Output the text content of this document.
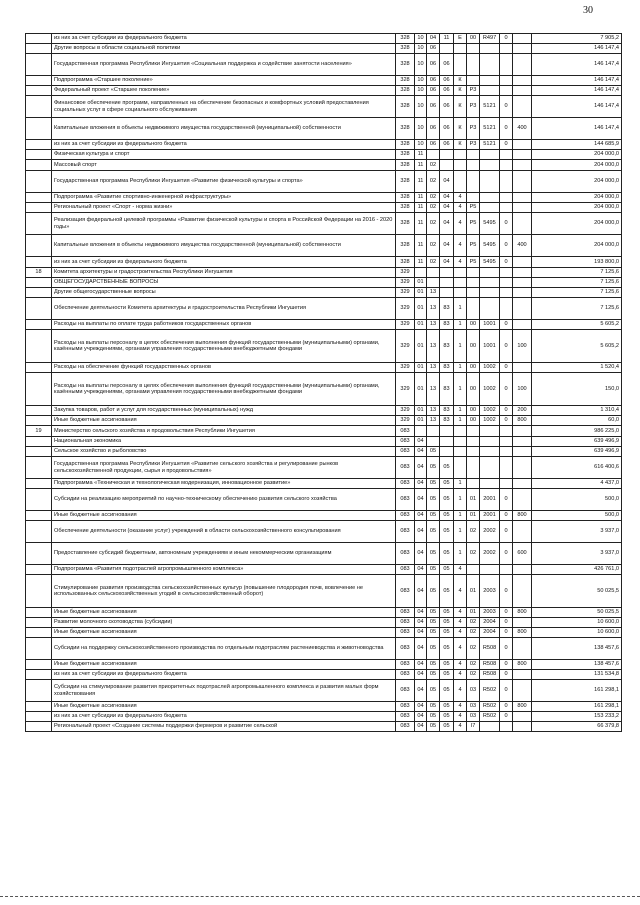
30
	из них за счет субсидии из федерального бюджета	328	10	04	11	E	00	R497	0		7 905,2
	Другие вопросы в области социальной политики	328	10	06							146 147,4
	Государственная программа Республики Ингушетия «Социальная поддержка и содействие занятости населения»	328	10	06	06						146 147,4
	Подпрограмма «Старшее поколение»	328	10	06	06	К					146 147,4
	Федеральный проект «Старшее поколение»	328	10	06	06	К	Р3				146 147,4
	Финансовое обеспечение программ, направленных на обеспечение безопасных и комфортных условий предоставления социальных услуг в сфере социального обслуживания	328	10	06	06	К	Р3	5121	0		146 147,4
	Капитальные вложения в объекты недвижимого имущества государственной (муниципальной) собственности	328	10	06	06	К	Р3	5121	0	400	146 147,4
	из них за счет субсидии из федерального бюджета	328	10	06	06	К	Р3	5121	0		144 685,9
	Физическая культура и спорт	328	11								204 000,0
	Массовый спорт	328	11	02							204 000,0
	Государственная программа Республики Ингушетия «Развитие физической культуры и спорта»	328	11	02	04						204 000,0
	Подпрограмма «Развитие спортивно-инженерной инфраструктуры»	328	11	02	04	4					204 000,0
	Региональный проект «Спорт - норма жизни»	328	11	02	04	4	Р5				204 000,0
	Реализация федеральной целевой программы «Развитие физической культуры и спорта в Российской Федерации на 2016 - 2020 годы»	328	11	02	04	4	Р5	5495	0		204 000,0
	Капитальные вложения в объекты недвижимого имущества государственной (муниципальной) собственности	328	11	02	04	4	Р5	5495	0	400	204 000,0
	из них за счет субсидии из федерального бюджета	328	11	02	04	4	Р5	5495	0		193 800,0
18	Комитета архитектуры и градостроительства Республики Ингушетия	329									7 125,6
	ОБЩЕГОСУДАРСТВЕННЫЕ ВОПРОСЫ	329	01								7 125,6
	Другие общегосударственные вопросы	329	01	13							7 125,6
	Обеспечение деятельности Комитета архитектуры и градостроительства Республики Ингушетия	329	01	13	83	1					7 125,6
	Расходы на выплаты по оплате труда работников государственных органов	329	01	13	83	1	00	1001	0		5 605,2
	Расходы на выплаты персоналу в целях обеспечения выполнения функций государственными (муниципальными) органами, казёнными учреждениями, органами управления государственными внебюджетными фондами	329	01	13	83	1	00	1001	0	100	5 605,2
	Расходы на обеспечение функций государственных органов	329	01	13	83	1	00	1002	0		1 520,4
	Расходы на выплаты персоналу в целях обеспечения выполнения функций государственными (муниципальными) органами, казёнными учреждениями, органами управления государственными внебюджетными фондами	329	01	13	83	1	00	1002	0	100	150,0
	Закупка товаров, работ и услуг для государственных (муниципальных) нужд	329	01	13	83	1	00	1002	0	200	1 310,4
	Иные бюджетные ассигнования	329	01	13	83	1	00	1002	0	800	60,0
19	Министерство сельского хозяйства и продовольствия Республики Ингушетия	083									986 225,0
	Национальная экономика	083	04								639 496,9
	Сельское хозяйство и рыболовство	083	04	05							639 496,9
	Государственная программа Республики Ингушетия «Развитие сельского хозяйства и регулирование рынков сельскохозяйственной продукции, сырья и продовольствия»	083	04	05	05						616 400,6
	Подпрограмма «Техническая и технологическая модернизация, инновационное развитие»	083	04	05	05	1					4 437,0
	Субсидии на реализацию мероприятий по научно-техническому обеспечению развития сельского хозяйства	083	04	05	05	1	01	2001	0		500,0
	Иные бюджетные ассигнования	083	04	05	05	1	01	2001	0	800	500,0
	Обеспечение деятельности (оказание услуг) учреждений в области сельскохозяйственного консультирования	083	04	05	05	1	02	2002	0		3 937,0
	Предоставление субсидий бюджетным, автономным учреждениям и иным некоммерческим организациям	083	04	05	05	1	02	2002	0	600	3 937,0
	Подпрограмма «Развития подотраслей агропромышленного комплекса»	083	04	05	05	4					426 761,0
	Стимулирование развития производства сельскохозяйственных культур (повышение плодородия почв, вовлечение не использованных сельскохозяйственных угодий в сельскохозяйственный оборот)	083	04	05	05	4	01	2003	0		50 025,5
	Иные бюджетные ассигнования	083	04	05	05	4	01	2003	0	800	50 025,5
	Развитие молочного скотоводства (субсидии)	083	04	05	05	4	02	2004	0		10 600,0
	Иные бюджетные ассигнования	083	04	05	05	4	02	2004	0	800	10 600,0
	Субсидии на поддержку сельскохозяйственного производства по отдельным подотраслям растениеводства и животноводства	083	04	05	05	4	02	R508	0		138 457,6
	Иные бюджетные ассигнования	083	04	05	05	4	02	R508	0	800	138 457,6
	из них за счет субсидии из федерального бюджета	083	04	05	05	4	02	R508	0		131 534,8
	Субсидии на стимулирование развития приоритетных подотраслей агропромышленного комплекса и развития малых форм хозяйствования	083	04	05	05	4	03	R502	0		161 298,1
	Иные бюджетные ассигнования	083	04	05	05	4	03	R502	0	800	161 298,1
	из них за счет субсидии из федерального бюджета	083	04	05	05	4	03	R502	0		153 233,2
	Региональный проект «Создание системы поддержки фермеров и развитие сельской	083	04	05	05	4	I7				66 379,8
